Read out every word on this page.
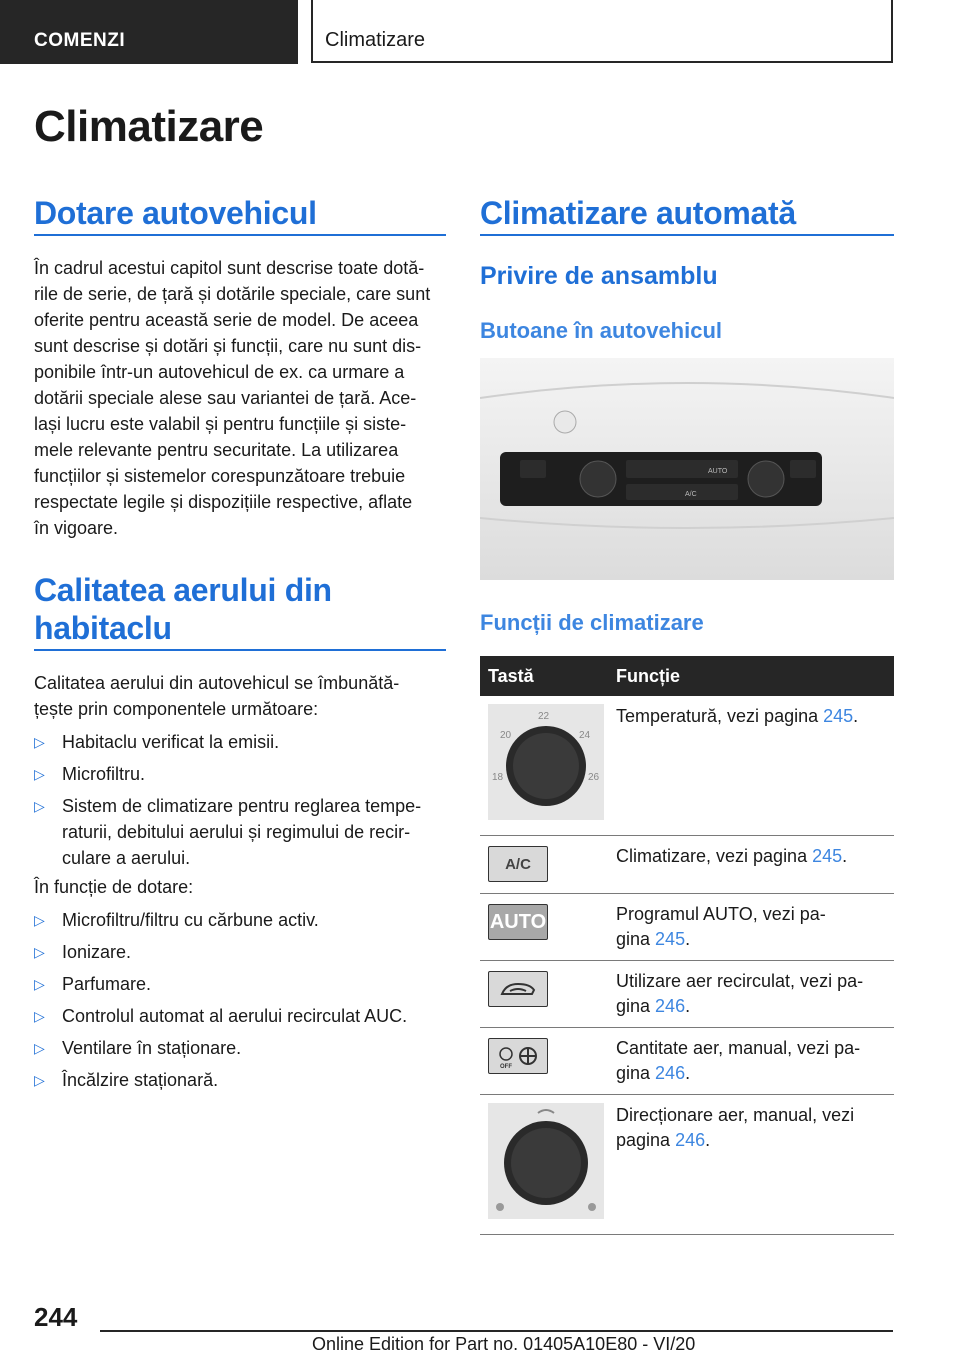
COMENZI	Climatizare
Climatizare
Dotare autovehicul

În cadrul acestui capitol sunt descrise toate dotă-

rile de serie, de țară și dotările speciale, care sunt

oferite pentru această serie de model. De aceea

sunt descrise și dotări și funcții, care nu sunt dis-

ponibile într-un autovehicul de ex. ca urmare a

dotării speciale alese sau variantei de țară. Ace-

lași lucru este valabil și pentru funcțiile și siste-

mele relevante pentru securitate. La utilizarea

funcțiilor și sistemelor corespunzătoare trebuie

respectate legile și dispozițiile respective, aflate

în vigoare.

Calitatea aerului din
habitaclu

Calitatea aerului din autovehicul se îmbunătă-

țește prin componentele următoare:

▷ Habitaclu verificat la emisii.
▷ Microfiltru.
▷ Sistem de climatizare pentru reglarea tempe-
raturii, debitului aerului și regimului de recir-
culare a aerului.
În funcție de dotare:
▷ Microfiltru/filtru cu cărbune activ.
▷ Ionizare.
▷ Parfumare.
▷ Controlul automat al aerului recirculat AUC.
▷ Ventilare în staționare.
▷ Încălzire staționară.
Climatizare automată
Privire de ansamblu
Butoane în autovehicul
AUTO
A/C
Funcții de climatizare
Tastă	Funcție

22
20 24
18 26	Temperatură, vezi pagina 245.

A/C	Climatizare, vezi pagina 245.

AUTO	Programul AUTO, vezi pa-
gina 245.

	Utilizare aer recirculat, vezi pa-
gina 246.

OFF	Cantitate aer, manual, vezi pa-
gina 246.
	Direcționare aer, manual, vezi
pagina 246.
244
Online Edition for Part no. 01405A10E80 - VI/20
